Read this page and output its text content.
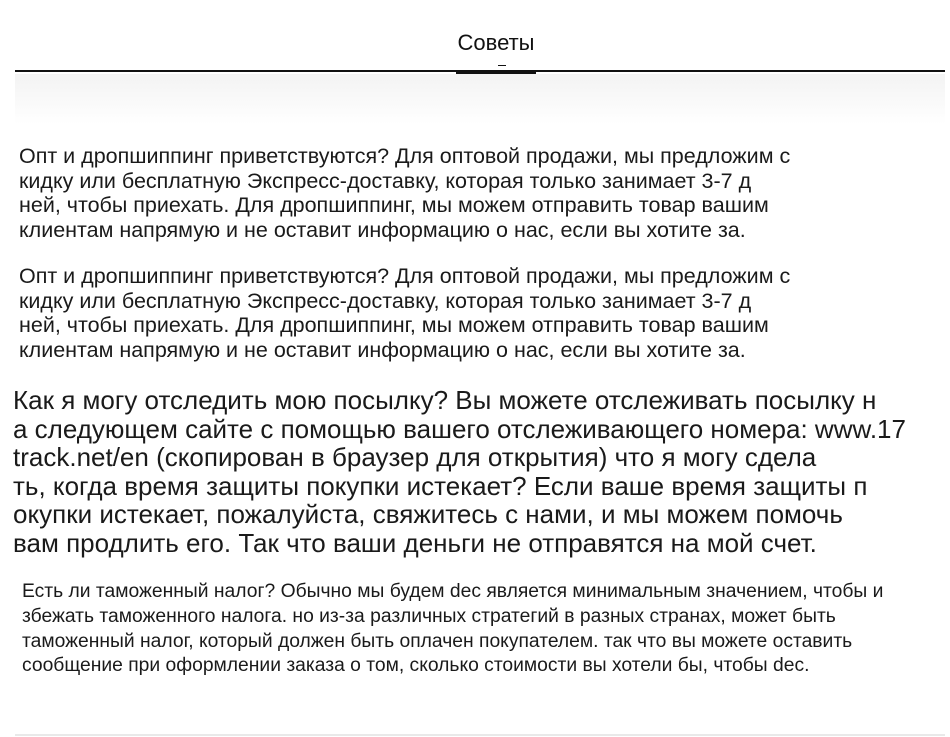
Советы

Опт и дропшиппинг приветствуются? Для оптовой продажи, мы предложим с
кидку или бесплатную Экспресс-доставку, которая только занимает 3-7 д
ней, чтобы приехать. Для дропшиппинг, мы можем отправить товар вашим
клиентам напрямую и не оставит информацию о нас, если вы хотите за.

Опт и дропшиппинг приветствуются? Для оптовой продажи, мы предложим с
кидку или бесплатную Экспресс-доставку, которая только занимает 3-7 д
ней, чтобы приехать. Для дропшиппинг, мы можем отправить товар вашим
клиентам напрямую и не оставит информацию о нас, если вы хотите за.

Как я могу отследить мою посылку? Вы можете отслеживать посылку н
а следующем сайте с помощью вашего отслеживающего номера: www.17
track.net/en (скопирован в браузер для открытия) что я могу сдела
ть, когда время защиты покупки истекает? Если ваше время защиты п
окупки истекает, пожалуйста, свяжитесь с нами, и мы можем помочь
вам продлить его. Так что ваши деньги не отправятся на мой счет.

Есть ли таможенный налог? Обычно мы будем dec является минимальным значением, чтобы и
збежать таможенного налога. но из-за различных стратегий в разных странах, может быть
таможенный налог, который должен быть оплачен покупателем. так что вы можете оставить
сообщение при оформлении заказа о том, сколько стоимости вы хотели бы, чтобы dec.
